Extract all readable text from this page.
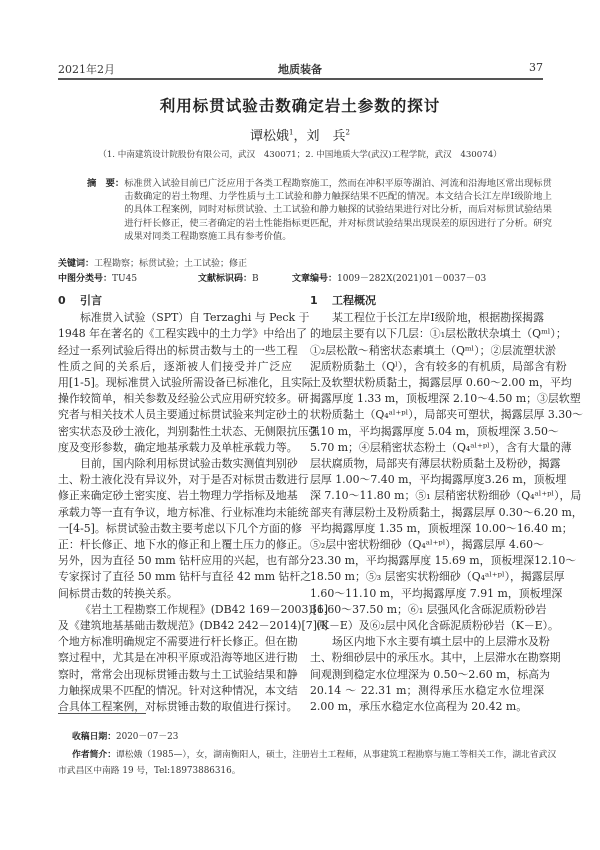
2021年2月	地质装备	37
利用标贯试验击数确定岩土参数的探讨
谭松娥$^1$，刘　兵$^2$
（1. 中南建筑设计院股份有限公司，武汉　430071；2. 中国地质大学(武汉)工程学院，武汉　430074）
摘　要： 标准贯入试验目前已广泛应用于各类工程勘察施工，然而在冲积平原等湖泊、河流和沿海地区常出现标贯
击数确定的岩土物理、力学性质与土工试验和静力触探结果不匹配的情况。本文结合长江左岸Ⅰ级阶地上
的具体工程案例，同时对标贯试验、土工试验和静力触探的试验结果进行对比分析，而后对标贯试验结果
进行杆长修正，使三者确定的岩土性能指标更匹配，并对标贯试验结果出现误差的原因进行了分析。研究
成果对同类工程勘察施工具有参考价值。
关键词：工程勘察；标贯试验；土工试验；修正
中图分类号：TU45	文献标识码：B	文章编号：1009－282X(2021)01－0037－03
0 引言
标准贯入试验（SPT）自 Terzaghi 与 Peck 于
1948 年在著名的《工程实践中的土力学》中给出了
经过一系列试验后得出的标贯击数与土的一些工程
性质之间的关系后，逐渐被人们接受并广泛应
用[1-5]。现标准贯入试验所需设备已标准化，且实际
操作较简单，相关参数及经验公式应用研究较多。研
究者与相关技术人员主要通过标贯试验来判定砂土的
密实状态及砂土液化，判别黏性土状态、无侧限抗压强
度及变形参数，确定地基承载力及单桩承载力等。
目前，国内除利用标贯试验击数实测值判别砂
土、粉土液化没有异议外，对于是否对标贯击数进行
修正来确定砂土密实度、岩土物理力学指标及地基
承载力等一直有争议，地方标准、行业标准均未能统
一[4-5]。标贯试验击数主要考虑以下几个方面的修
正：杆长修正、地下水的修正和上覆土压力的修正。
另外，因为直径 50 mm 钻杆应用的兴起，也有部分
专家探讨了直径 50 mm 钻杆与直径 42 mm 钻杆之
间标贯击数的转换关系。
《岩土工程勘察工作规程》(DB42 169－2003)[6]
及《建筑地基基础击数规范》(DB42 242－2014)[7]两
个地方标准明确规定不需要进行杆长修正。但在勘
察过程中，尤其是在冲积平原或沿海等地区进行勘
察时，常常会出现标贯锤击数与土工试验结果和静
力触探成果不匹配的情况。针对这种情况，本文结
合具体工程案例，对标贯锤击数的取值进行探讨。
1 工程概况
某工程位于长江左岸Ⅰ级阶地，根据勘探揭露
的地层主要有以下几层：①₁层松散状杂填土（Qᵐˡ）；
①₂层松散～稍密状态素填土（Qᵐˡ）；②层流塑状淤
泥质粉质黏土（Qˡ），含有较多的有机质，局部含有粉
土及软塑状粉质黏土，揭露层厚 0.60～2.00 m，平均
揭露厚度 1.33 m，顶板埋深 2.10～4.50 m；③层软塑
状粉质黏土（Q₄ᵃˡ⁺ᵖˡ），局部夹可塑状，揭露层厚 3.30～
7.10 m，平均揭露厚度 5.04 m，顶板埋深 3.50～
5.70 m；④层稍密状态粉土（Q₄ᵃˡ⁺ᵖˡ），含有大量的薄
层状腐质物，局部夹有薄层状粉质黏土及粉砂，揭露
层厚 1.00～7.40 m，平均揭露厚度3.26 m，顶板埋
深 7.10～11.80 m；⑤₁ 层稍密状粉细砂（Q₄ᵃˡ⁺ᵖˡ），局
部夹有薄层粉土及粉质黏土，揭露层厚 0.30～6.20 m，
平均揭露厚度 1.35 m，顶板埋深 10.00～16.40 m；
⑤₂层中密状粉细砂（Q₄ᵃˡ⁺ᵖˡ），揭露层厚 4.60～
23.30 m，平均揭露厚度 15.69 m，顶板埋深12.10～
18.50 m；⑤₃ 层密实状粉细砂（Q₄ᵃˡ⁺ᵖˡ），揭露层厚
1.60～11.10 m，平均揭露厚度 7.91 m，顶板埋深
31.60～37.50 m；⑥₁ 层强风化含砾泥质粉砂岩
（K－E）及⑥₂层中风化含砾泥质粉砂岩（K－E）。
场区内地下水主要有填土层中的上层滞水及粉
土、粉细砂层中的承压水。其中，上层滞水在勘察期
间观测到稳定水位埋深为 0.50～2.60 m，标高为
20.14 ～ 22.31 m；测得承压水稳定水位埋深
2.00 m，承压水稳定水位高程为 20.42 m。
收稿日期：2020－07－23
作者简介：谭松娥（1985—），女，湖南衡阳人，硕士，注册岩土工程师，从事建筑工程勘察与施工等相关工作，湖北省武汉
市武昌区中南路 19 号，Tel:18973886316。
